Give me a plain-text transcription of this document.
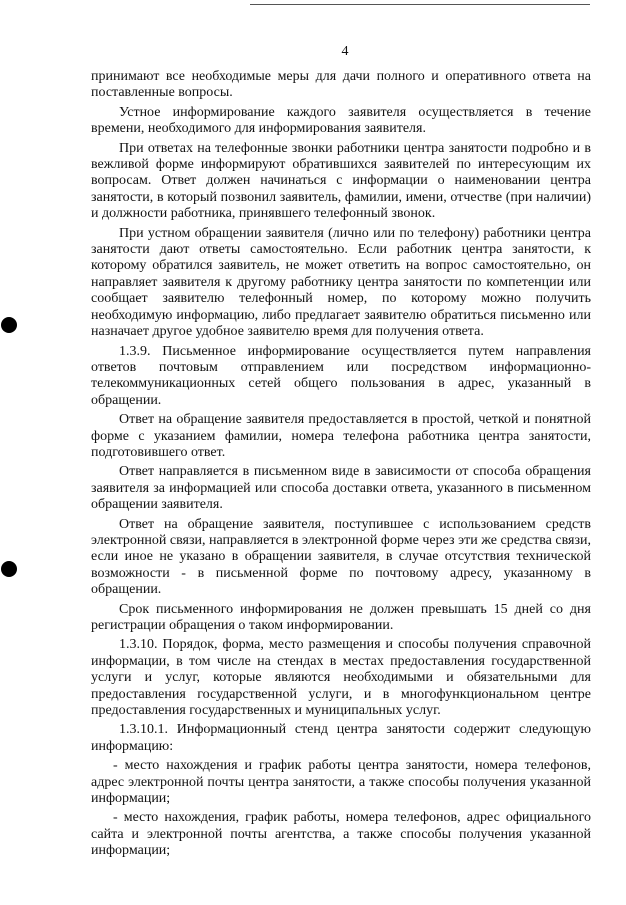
4

принимают все необходимые меры для дачи полного и оперативного ответа на поставленные вопросы.

Устное информирование каждого заявителя осуществляется в течение времени, необходимого для информирования заявителя.

При ответах на телефонные звонки работники центра занятости подробно и в вежливой форме информируют обратившихся заявителей по интересующим их вопросам. Ответ должен начинаться с информации о наименовании центра занятости, в который позвонил заявитель, фамилии, имени, отчестве (при наличии) и должности работника, принявшего телефонный звонок.

При устном обращении заявителя (лично или по телефону) работники центра занятости дают ответы самостоятельно. Если работник центра занятости, к которому обратился заявитель, не может ответить на вопрос самостоятельно, он направляет заявителя к другому работнику центра занятости по компетенции или сообщает заявителю телефонный номер, по которому можно получить необходимую информацию, либо предлагает заявителю обратиться письменно или назначает другое удобное заявителю время для получения ответа.

1.3.9. Письменное информирование осуществляется путем направления ответов почтовым отправлением или посредством информационно-телекоммуникационных сетей общего пользования в адрес, указанный в обращении.

Ответ на обращение заявителя предоставляется в простой, четкой и понятной форме с указанием фамилии, номера телефона работника центра занятости, подготовившего ответ.

Ответ направляется в письменном виде в зависимости от способа обращения заявителя за информацией или способа доставки ответа, указанного в письменном обращении заявителя.

Ответ на обращение заявителя, поступившее с использованием средств электронной связи, направляется в электронной форме через эти же средства связи, если иное не указано в обращении заявителя, в случае отсутствия технической возможности - в письменной форме по почтовому адресу, указанному в обращении.

Срок письменного информирования не должен превышать 15 дней со дня регистрации обращения о таком информировании.

1.3.10. Порядок, форма, место размещения и способы получения справочной информации, в том числе на стендах в местах предоставления государственной услуги и услуг, которые являются необходимыми и обязательными для предоставления государственной услуги, и в многофункциональном центре предоставления государственных и муниципальных услуг.

1.3.10.1. Информационный стенд центра занятости содержит следующую информацию:

- место нахождения и график работы центра занятости, номера телефонов, адрес электронной почты центра занятости, а также способы получения указанной информации;

- место нахождения, график работы, номера телефонов, адрес официального сайта и электронной почты агентства, а также способы получения указанной информации;
